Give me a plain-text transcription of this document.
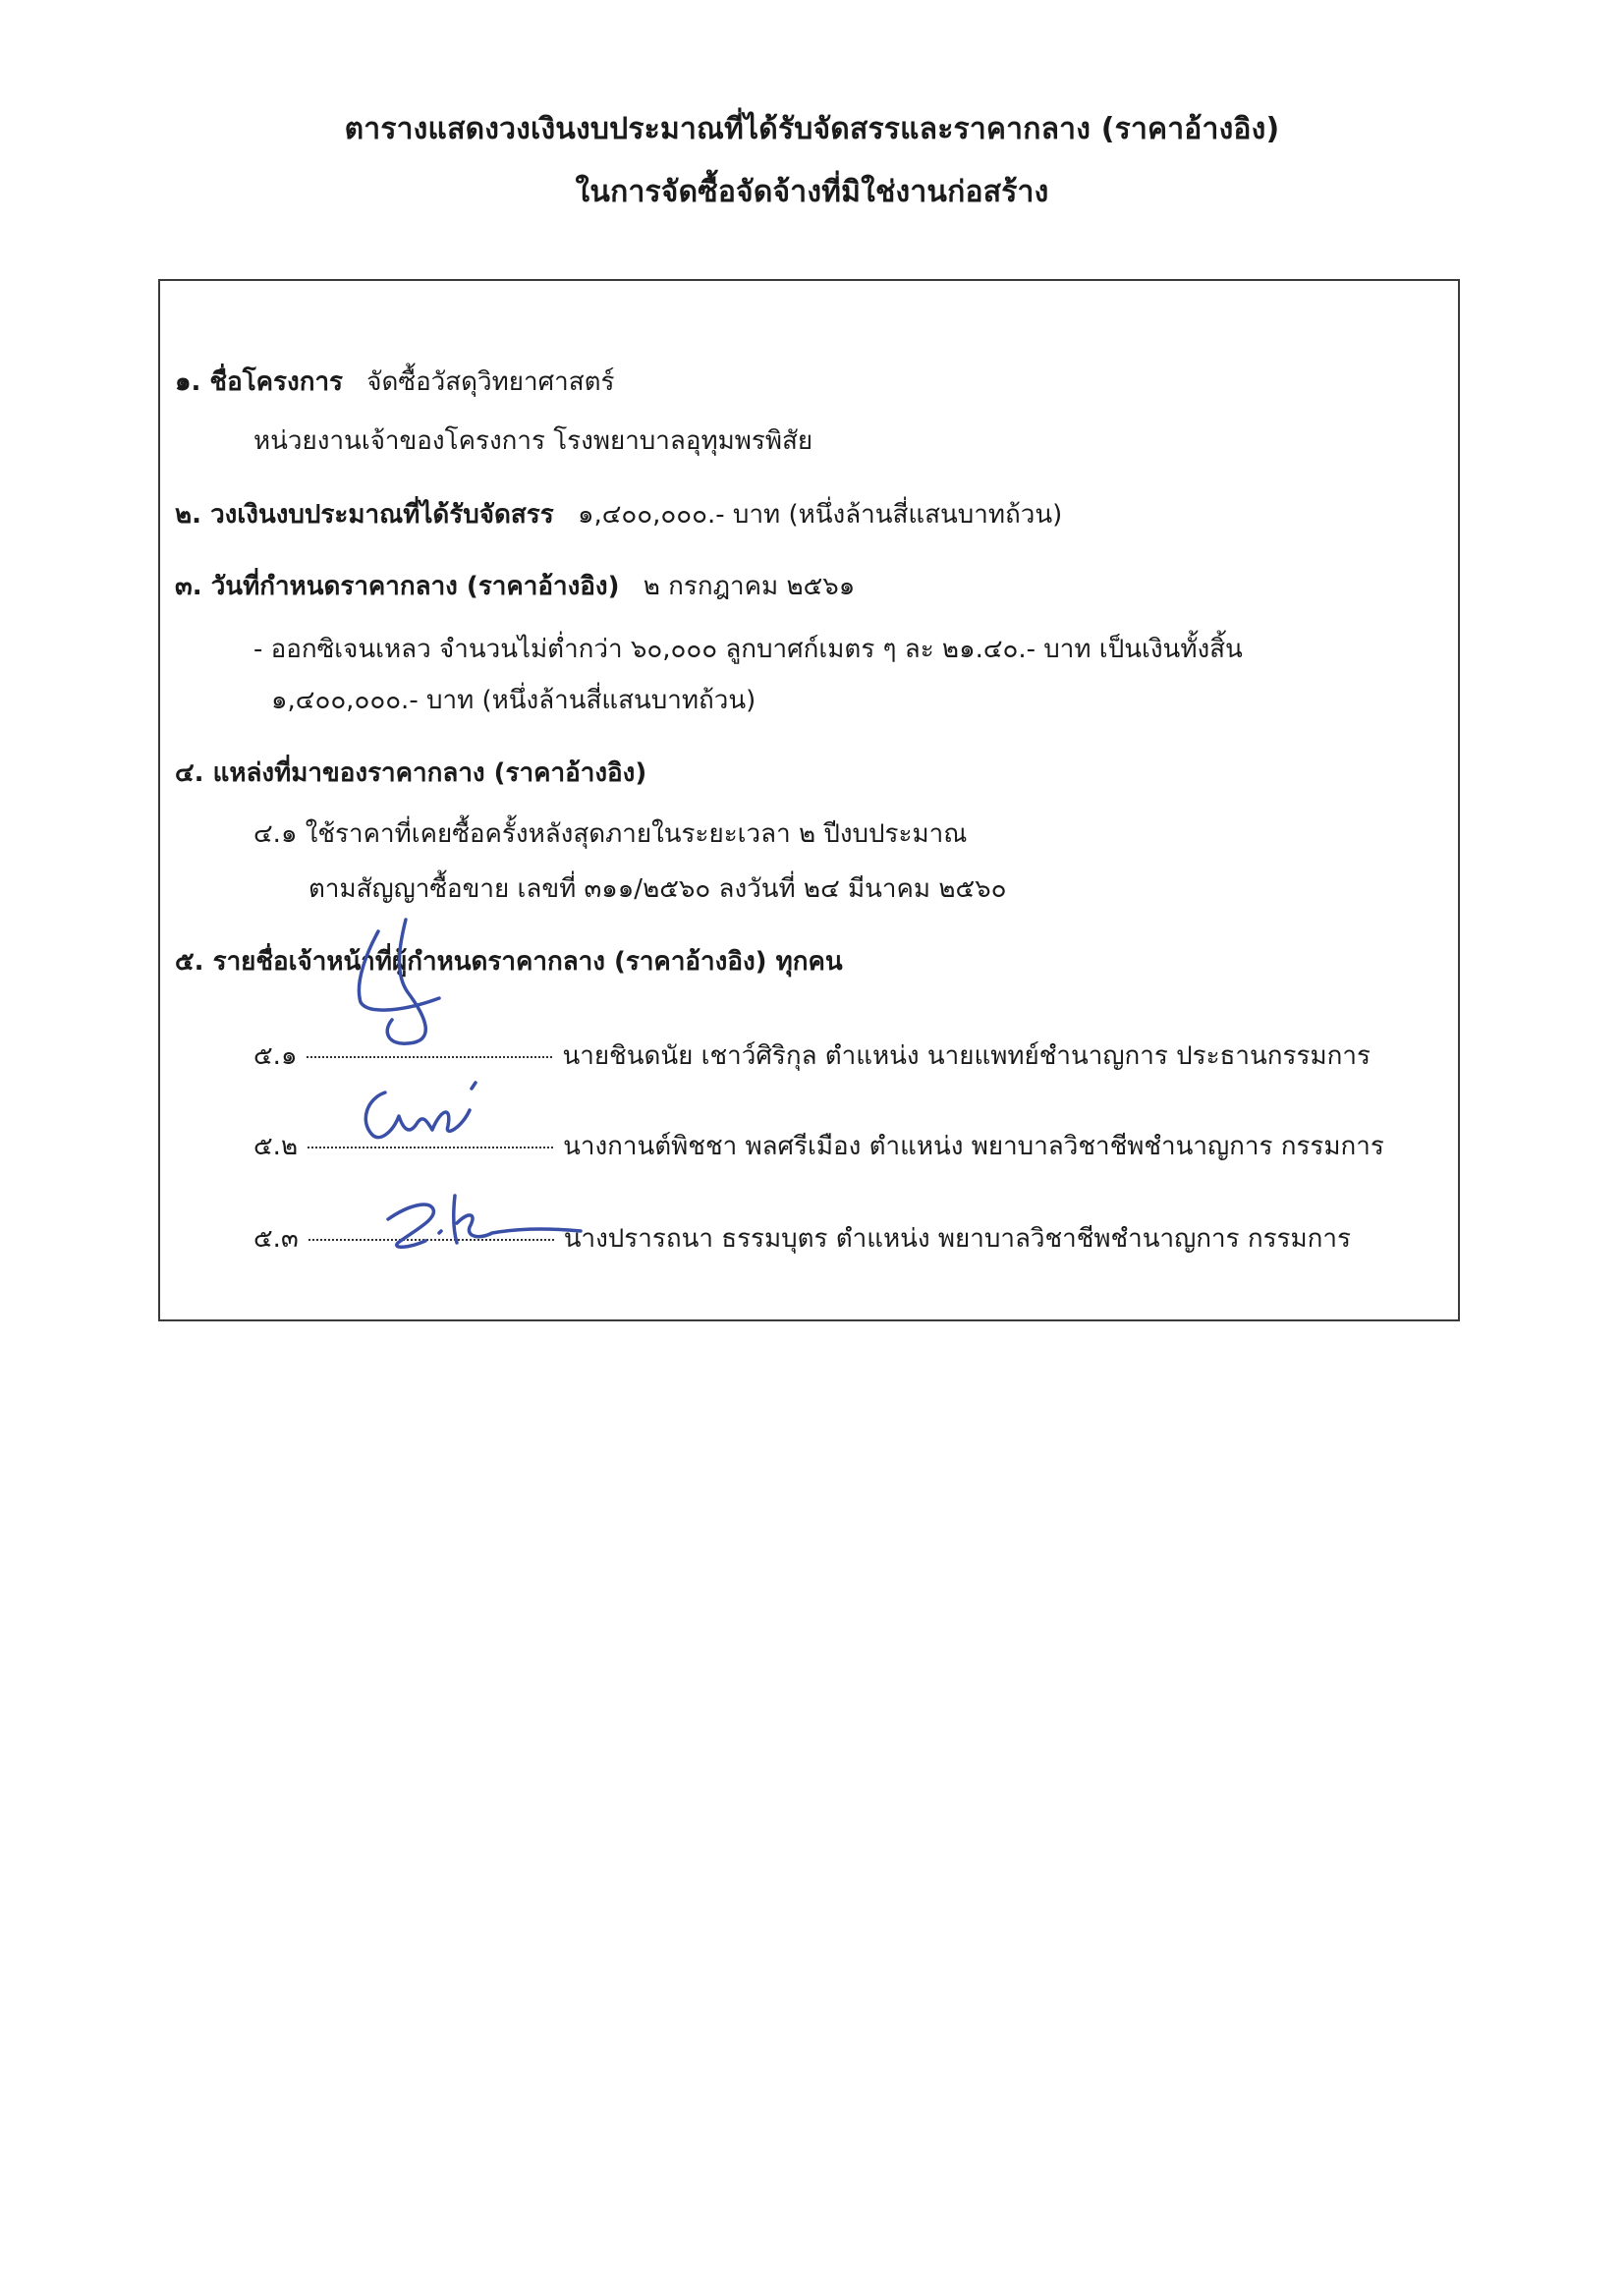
ตารางแสดงวงเงินงบประมาณที่ได้รับจัดสรรและราคากลาง (ราคาอ้างอิง)
ในการจัดซื้อจัดจ้างที่มิใช่งานก่อสร้าง
๑. ชื่อโครงการ จัดซื้อวัสดุวิทยาศาสตร์
หน่วยงานเจ้าของโครงการ โรงพยาบาลอุทุมพรพิสัย
๒. วงเงินงบประมาณที่ได้รับจัดสรร ๑,๔๐๐,๐๐๐.- บาท (หนึ่งล้านสี่แสนบาทถ้วน)
๓. วันที่กำหนดราคากลาง (ราคาอ้างอิง) ๒ กรกฎาคม ๒๕๖๑
- ออกซิเจนเหลว จำนวนไม่ต่ำกว่า ๖๐,๐๐๐ ลูกบาศก์เมตร ๆ ละ ๒๑.๔๐.- บาท เป็นเงินทั้งสิ้น
๑,๔๐๐,๐๐๐.- บาท (หนึ่งล้านสี่แสนบาทถ้วน)
๔. แหล่งที่มาของราคากลาง (ราคาอ้างอิง)
๔.๑ ใช้ราคาที่เคยซื้อครั้งหลังสุดภายในระยะเวลา ๒ ปีงบประมาณ
ตามสัญญาซื้อขาย เลขที่ ๓๑๑/๒๕๖๐ ลงวันที่ ๒๔ มีนาคม ๒๕๖๐
๕. รายชื่อเจ้าหน้าที่ผู้กำหนดราคากลาง (ราคาอ้างอิง) ทุกคน
๕.๑	นายชินดนัย เชาว์ศิริกุล ตำแหน่ง นายแพทย์ชำนาญการ ประธานกรรมการ
๕.๒	นางกานต์พิชชา พลศรีเมือง ตำแหน่ง พยาบาลวิชาชีพชำนาญการ กรรมการ
๕.๓	นางปรารถนา ธรรมบุตร ตำแหน่ง พยาบาลวิชาชีพชำนาญการ กรรมการ
